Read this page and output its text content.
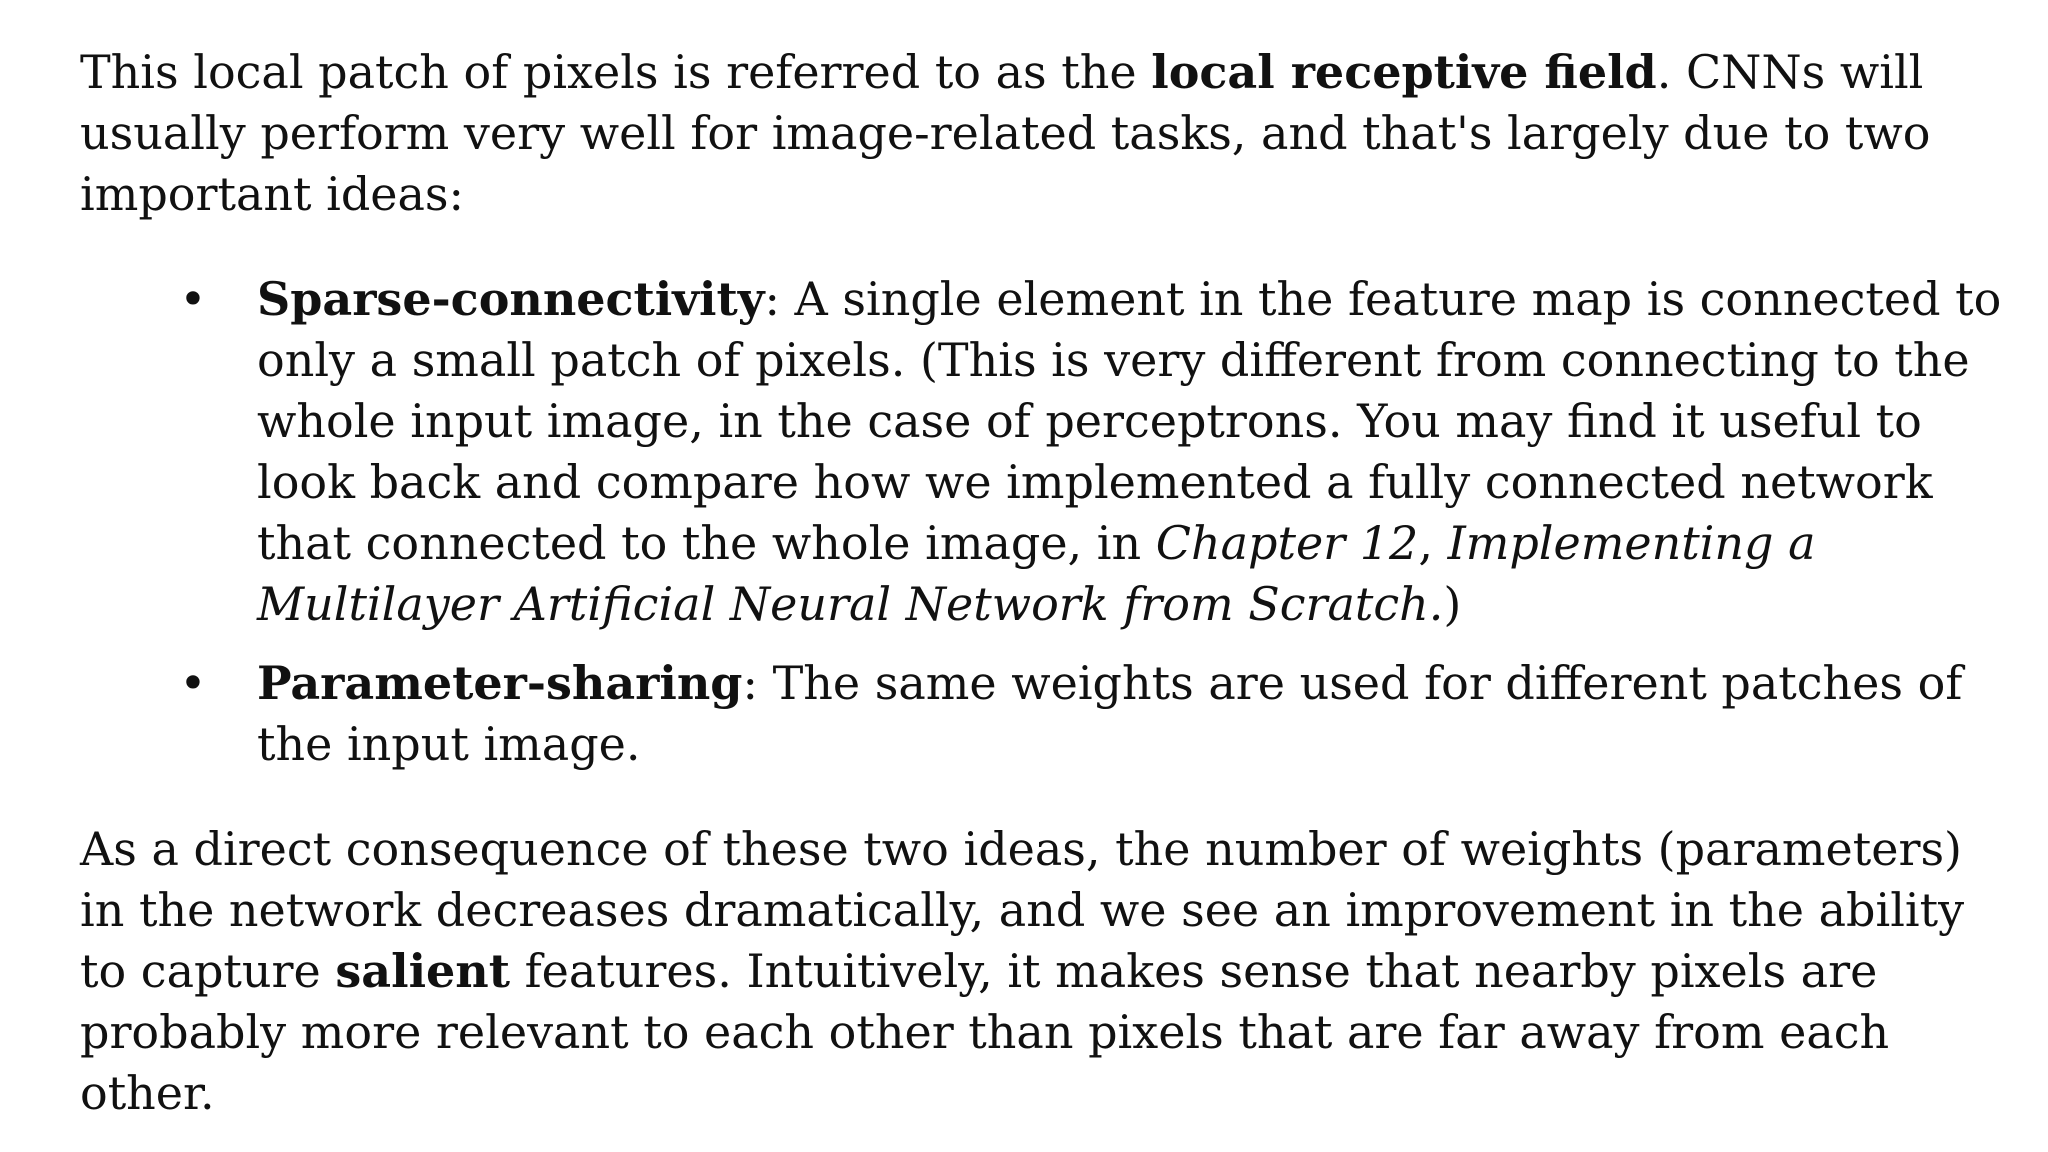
This local patch of pixels is referred to as the local receptive field. CNNs will usually perform very well for image-related tasks, and that's largely due to two important ideas:

• Sparse-connectivity: A single element in the feature map is connected to only a small patch of pixels. (This is very different from connecting to the whole input image, in the case of perceptrons. You may find it useful to look back and compare how we implemented a fully connected network that connected to the whole image, in Chapter 12, Implementing a Multilayer Artificial Neural Network from Scratch.)
• Parameter-sharing: The same weights are used for different patches of the input image.

As a direct consequence of these two ideas, the number of weights (parameters) in the network decreases dramatically, and we see an improvement in the ability to capture salient features. Intuitively, it makes sense that nearby pixels are probably more relevant to each other than pixels that are far away from each other.
